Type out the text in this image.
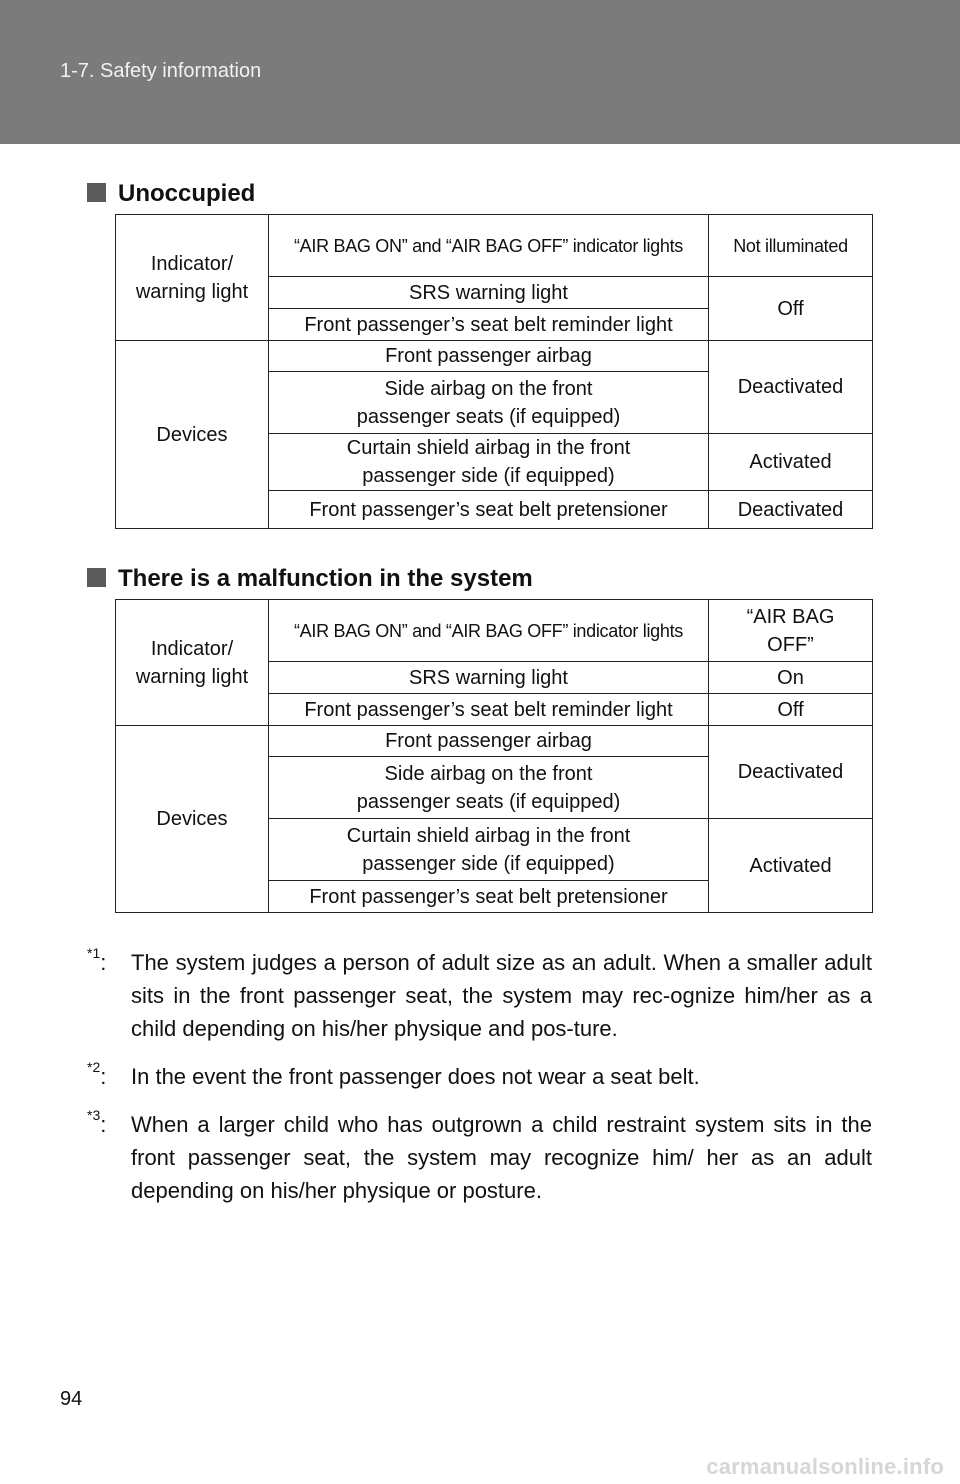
1-7. Safety information
Unoccupied
Indicator/
warning light	“AIR BAG ON” and “AIR BAG OFF” indicator lights	Not illuminated
	SRS warning light	Off
	Front passenger’s seat belt reminder light	
Devices	Front passenger airbag	Deactivated
	Side airbag on the front
passenger seats (if equipped)	
	Curtain shield airbag in the front
passenger side (if equipped)	Activated
	Front passenger’s seat belt pretensioner	Deactivated
There is a malfunction in the system
Indicator/
warning light	“AIR BAG ON” and “AIR BAG OFF” indicator lights	“AIR BAG
OFF”
	SRS warning light	On
	Front passenger’s seat belt reminder light	Off
Devices	Front passenger airbag	Deactivated
	Side airbag on the front
passenger seats (if equipped)	
	Curtain shield airbag in the front
passenger side (if equipped)	Activated
	Front passenger’s seat belt pretensioner	
$^{*1}$: The system judges a person of adult size as an adult. When a smaller adult sits in the front passenger seat, the system may rec-ognize him/her as a child depending on his/her physique and pos-ture.
$^{*2}$: In the event the front passenger does not wear a seat belt.
$^{*3}$: When a larger child who has outgrown a child restraint system sits in the front passenger seat, the system may recognize him/ her as an adult depending on his/her physique or posture.
94
carmanualsonline.info
